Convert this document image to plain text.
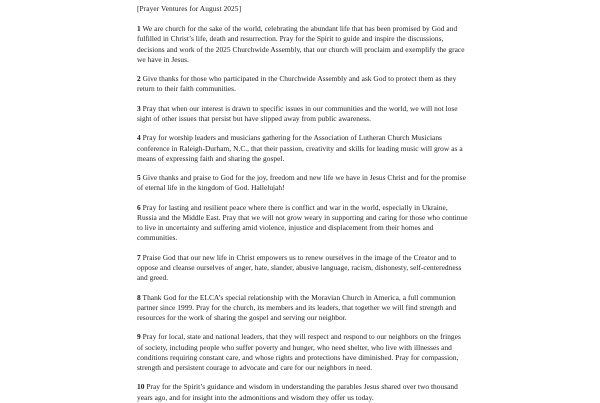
[Prayer Ventures for August 2025]

1 We are church for the sake of the world, celebrating the abundant life that has been promised by God and fulfilled in Christ’s life, death and resurrection. Pray for the Spirit to guide and inspire the discussions, decisions and work of the 2025 Churchwide Assembly, that our church will proclaim and exemplify the grace we have in Jesus.

2 Give thanks for those who participated in the Churchwide Assembly and ask God to protect them as they return to their faith communities.

3 Pray that when our interest is drawn to specific issues in our communities and the world, we will not lose sight of other issues that persist but have slipped away from public awareness.

4 Pray for worship leaders and musicians gathering for the Association of Lutheran Church Musicians conference in Raleigh-Durham, N.C., that their passion, creativity and skills for leading music will grow as a means of expressing faith and sharing the gospel.

5 Give thanks and praise to God for the joy, freedom and new life we have in Jesus Christ and for the promise of eternal life in the kingdom of God. Hallelujah!

6 Pray for lasting and resilient peace where there is conflict and war in the world, especially in Ukraine, Russia and the Middle East. Pray that we will not grow weary in supporting and caring for those who continue to live in uncertainty and suffering amid violence, injustice and displacement from their homes and communities.

7 Praise God that our new life in Christ empowers us to renew ourselves in the image of the Creator and to oppose and cleanse ourselves of anger, hate, slander, abusive language, racism, dishonesty, self-centeredness and greed.

8 Thank God for the ELCA’s special relationship with the Moravian Church in America, a full communion partner since 1999. Pray for the church, its members and its leaders, that together we will find strength and resources for the work of sharing the gospel and serving our neighbor.

9 Pray for local, state and national leaders, that they will respect and respond to our neighbors on the fringes of society, including people who suffer poverty and hunger, who need shelter, who live with illnesses and conditions requiring constant care, and whose rights and protections have diminished. Pray for compassion, strength and persistent courage to advocate and care for our neighbors in need.

10 Pray for the Spirit’s guidance and wisdom in understanding the parables Jesus shared over two thousand years ago, and for insight into the admonitions and wisdom they offer us today.
